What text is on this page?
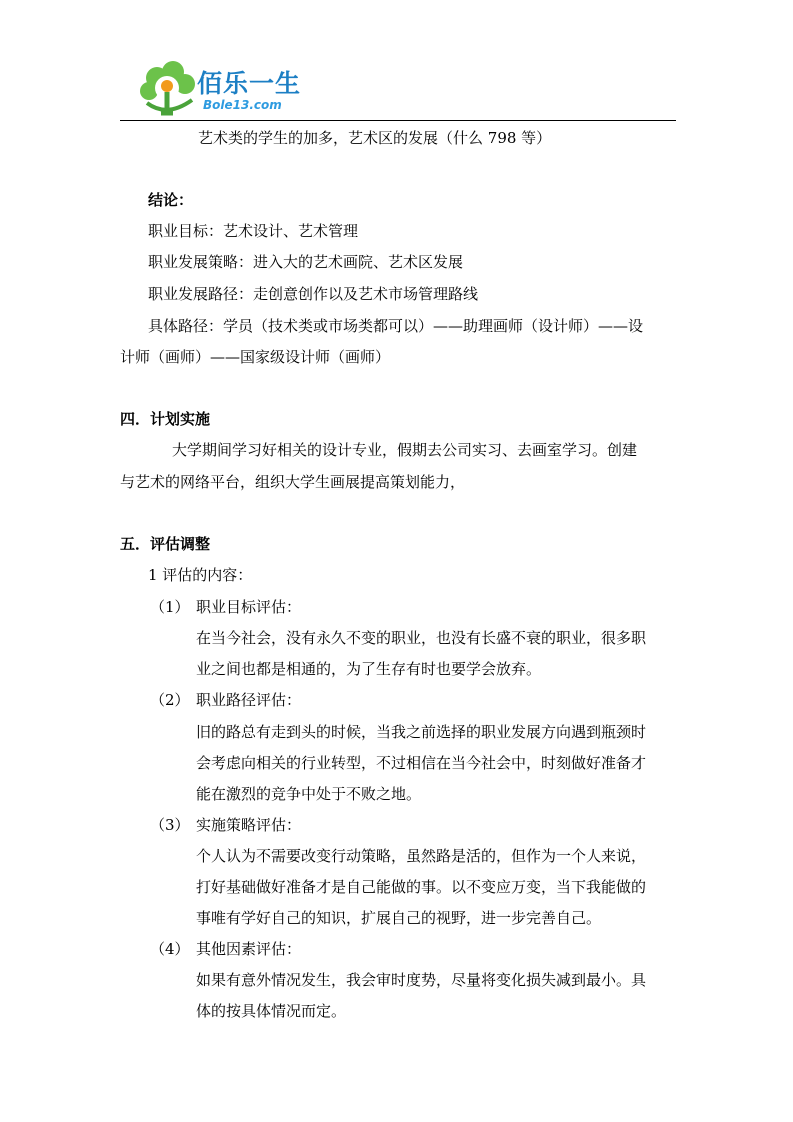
佰乐一生
Bole13.com
艺术类的学生的加多，艺术区的发展（什么 798 等）
结论：
职业目标：艺术设计、艺术管理
职业发展策略：进入大的艺术画院、艺术区发展
职业发展路径：走创意创作以及艺术市场管理路线
具体路径：学员（技术类或市场类都可以）——助理画师（设计师）——设
计师（画师）——国家级设计师（画师）
四．计划实施
大学期间学习好相关的设计专业，假期去公司实习、去画室学习。创建
与艺术的网络平台，组织大学生画展提高策划能力，
五．评估调整
1 评估的内容：
（1） 职业目标评估：
在当今社会，没有永久不变的职业，也没有长盛不衰的职业，很多职
业之间也都是相通的，为了生存有时也要学会放弃。
（2） 职业路径评估：
旧的路总有走到头的时候，当我之前选择的职业发展方向遇到瓶颈时
会考虑向相关的行业转型，不过相信在当今社会中，时刻做好准备才
能在激烈的竞争中处于不败之地。
（3） 实施策略评估：
个人认为不需要改变行动策略，虽然路是活的，但作为一个人来说，
打好基础做好准备才是自己能做的事。以不变应万变，当下我能做的
事唯有学好自己的知识，扩展自己的视野，进一步完善自己。
（4） 其他因素评估：
如果有意外情况发生，我会审时度势，尽量将变化损失减到最小。具
体的按具体情况而定。
